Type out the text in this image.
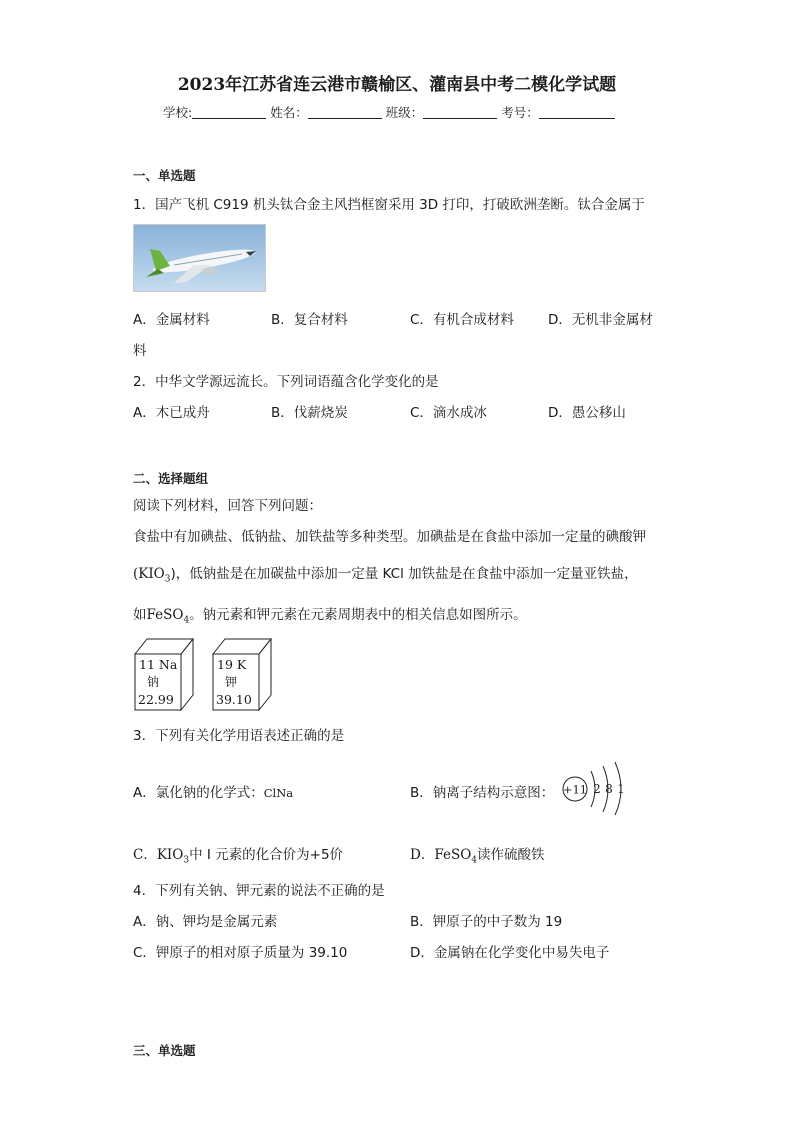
2023年江苏省连云港市赣榆区、灌南县中考二模化学试题
学校:	姓名：	班级：	考号：
一、单选题
1．国产飞机 C919 机头钛合金主风挡框窗采用 3D 打印，打破欧洲垄断。钛合金属于
A．金属材料	B．复合材料	C．有机合成材料	D．无机非金属材
料
2．中华文学源远流长。下列词语蕴含化学变化的是
A．木已成舟	B．伐薪烧炭	C．滴水成冰	D．愚公移山
二、选择题组
阅读下列材料，回答下列问题：
食盐中有加碘盐、低钠盐、加铁盐等多种类型。加碘盐是在食盐中添加一定量的碘酸钾
$(KIO_3)$，低钠盐是在加碳盐中添加一定量 KCl 加铁盐是在食盐中添加一定量亚铁盐，
如FeSO$_4$。钠元素和钾元素在元素周期表中的相关信息如图所示。
11 Na
钠
22.99
19 K
钾
39.10
3．下列有关化学用语表述正确的是
A．氯化钠的化学式：ClNa	B．钠离子结构示意图： +11 2 8 1
C．$KIO_3$中 I 元素的化合价为+5价	D．FeSO$_4$读作硫酸铁
4．下列有关钠、钾元素的说法不正确的是
A．钠、钾均是金属元素	B．钾原子的中子数为 19
C．钾原子的相对原子质量为 39.10	D．金属钠在化学变化中易失电子
三、单选题
